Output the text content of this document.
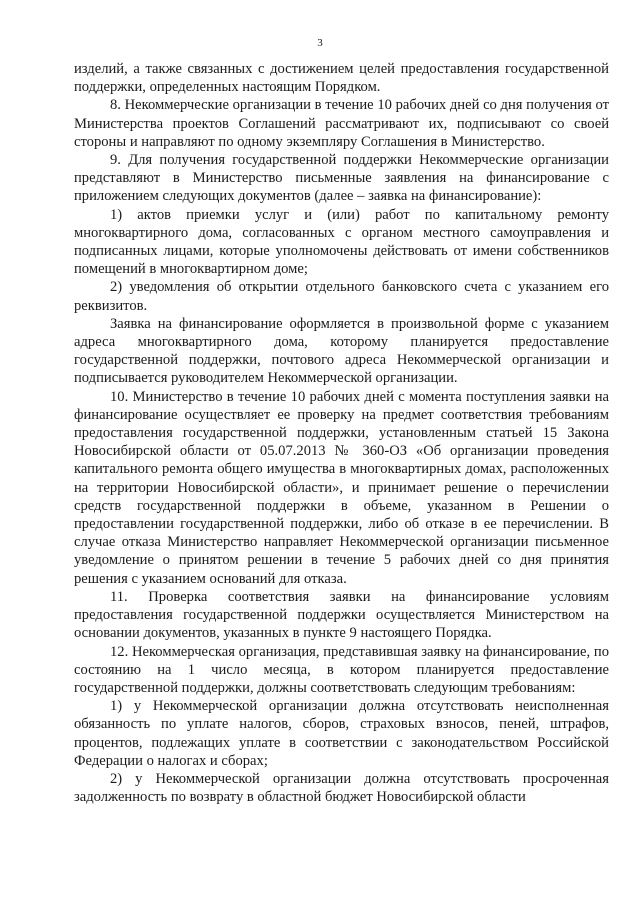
3

изделий, а также связанных с достижением целей предоставления государственной поддержки, определенных настоящим Порядком.

8. Некоммерческие организации в течение 10 рабочих дней со дня получения от Министерства проектов Соглашений рассматривают их, подписывают со своей стороны и направляют по одному экземпляру Соглашения в Министерство.

9. Для получения государственной поддержки Некоммерческие организации представляют в Министерство письменные заявления на финансирование с приложением следующих документов (далее – заявка на финансирование):

1) актов приемки услуг и (или) работ по капитальному ремонту многоквартирного дома, согласованных с органом местного самоуправления и подписанных лицами, которые уполномочены действовать от имени собственников помещений в многоквартирном доме;

2) уведомления об открытии отдельного банковского счета с указанием его реквизитов.

Заявка на финансирование оформляется в произвольной форме с указанием адреса многоквартирного дома, которому планируется предоставление государственной поддержки, почтового адреса Некоммерческой организации и подписывается руководителем Некоммерческой организации.

10. Министерство в течение 10 рабочих дней с момента поступления заявки на финансирование осуществляет ее проверку на предмет соответствия требованиям предоставления государственной поддержки, установленным статьей 15 Закона Новосибирской области от 05.07.2013 № 360-ОЗ «Об организации проведения капитального ремонта общего имущества в многоквартирных домах, расположенных на территории Новосибирской области», и принимает решение о перечислении средств государственной поддержки в объеме, указанном в Решении о предоставлении государственной поддержки, либо об отказе в ее перечислении. В случае отказа Министерство направляет Некоммерческой организации письменное уведомление о принятом решении в течение 5 рабочих дней со дня принятия решения с указанием оснований для отказа.

11. Проверка соответствия заявки на финансирование условиям предоставления государственной поддержки осуществляется Министерством на основании документов, указанных в пункте 9 настоящего Порядка.

12. Некоммерческая организация, представившая заявку на финансирование, по состоянию на 1 число месяца, в котором планируется предоставление государственной поддержки, должны соответствовать следующим требованиям:

1) у Некоммерческой организации должна отсутствовать неисполненная обязанность по уплате налогов, сборов, страховых взносов, пеней, штрафов, процентов, подлежащих уплате в соответствии с законодательством Российской Федерации о налогах и сборах;

2) у Некоммерческой организации должна отсутствовать просроченная задолженность по возврату в областной бюджет Новосибирской области
